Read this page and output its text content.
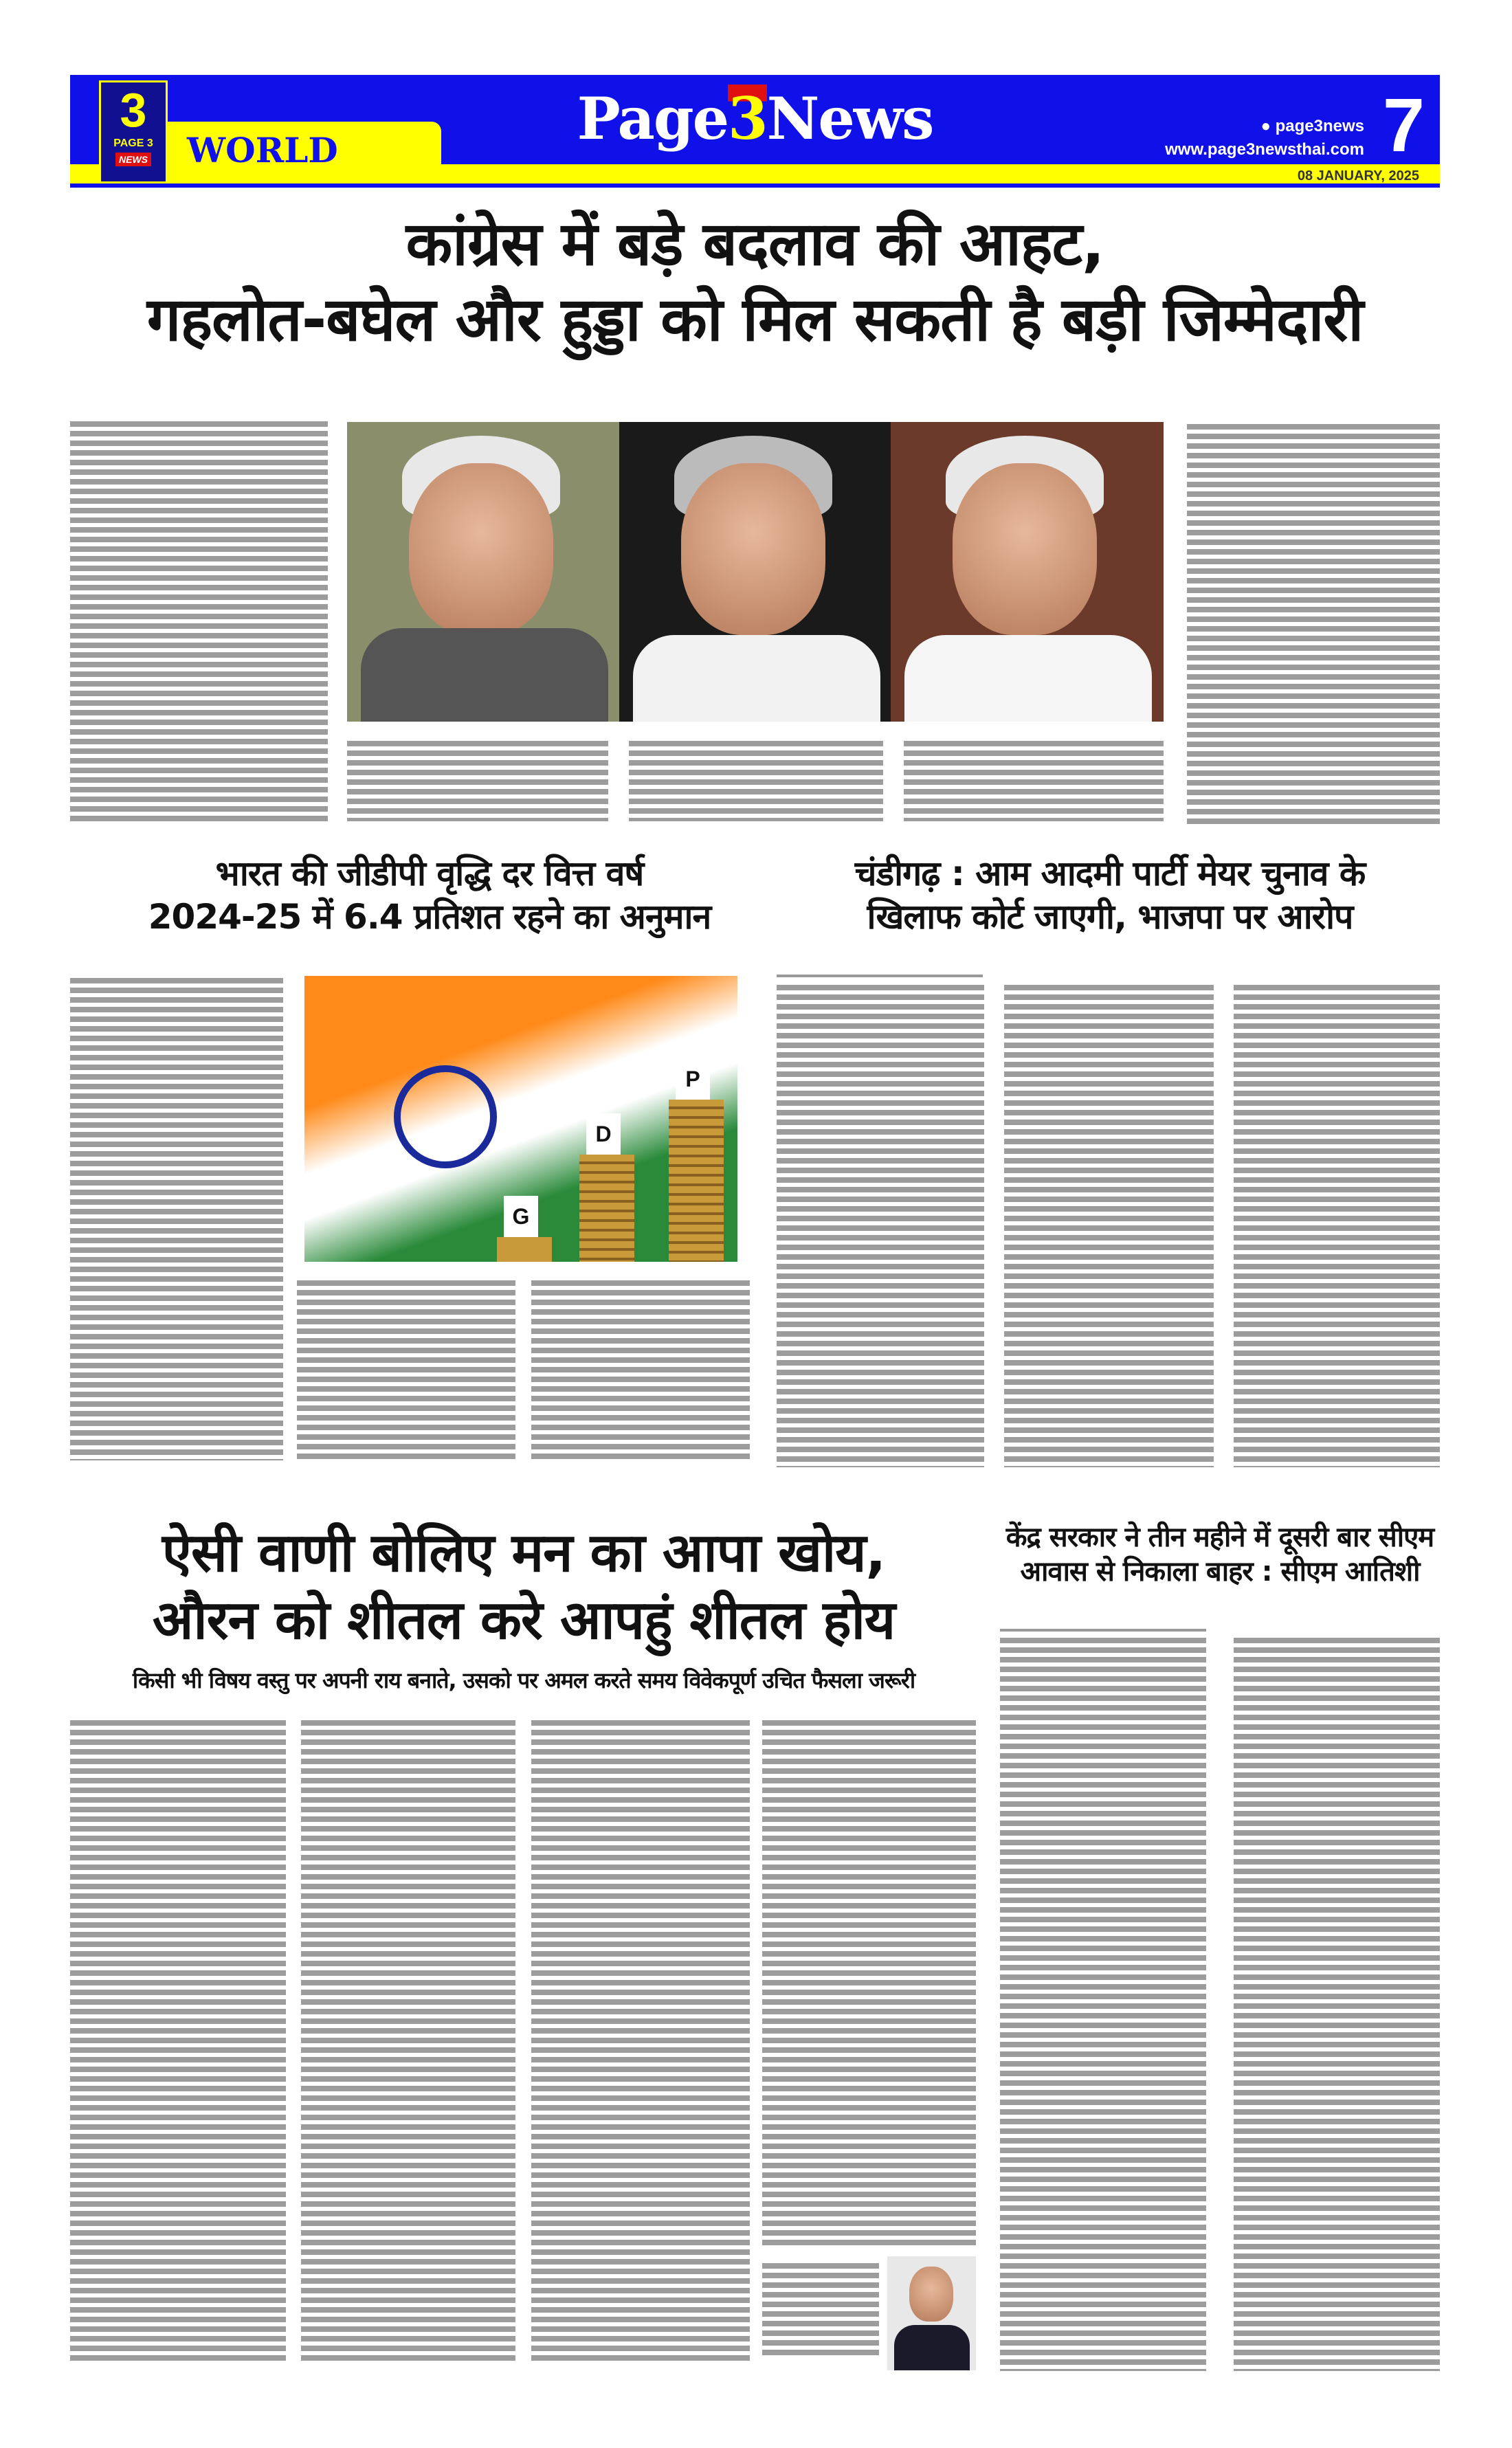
WORLD
3
PAGE 3
NEWS
Page3News	● page3news
www.page3newsthai.com 7
08 JANUARY, 2025
कांग्रेस में बड़े बदलाव की आहट,
गहलोत-बघेल और हुड्डा को मिल सकती है बड़ी जिम्मेदारी
भारत की जीडीपी वृद्धि दर वित्त वर्ष
2024-25 में 6.4 प्रतिशत रहने का अनुमान
G
D
P
चंडीगढ़ : आम आदमी पार्टी मेयर चुनाव के
खिलाफ कोर्ट जाएगी, भाजपा पर आरोप
ऐसी वाणी बोलिए मन का आपा खोय,
औरन को शीतल करे आपहुं शीतल होय
किसी भी विषय वस्तु पर अपनी राय बनाते, उसको पर अमल करते समय विवेकपूर्ण उचित फैसला जरूरी
केंद्र सरकार ने तीन महीने में दूसरी बार सीएम
आवास से निकाला बाहर : सीएम आतिशी
